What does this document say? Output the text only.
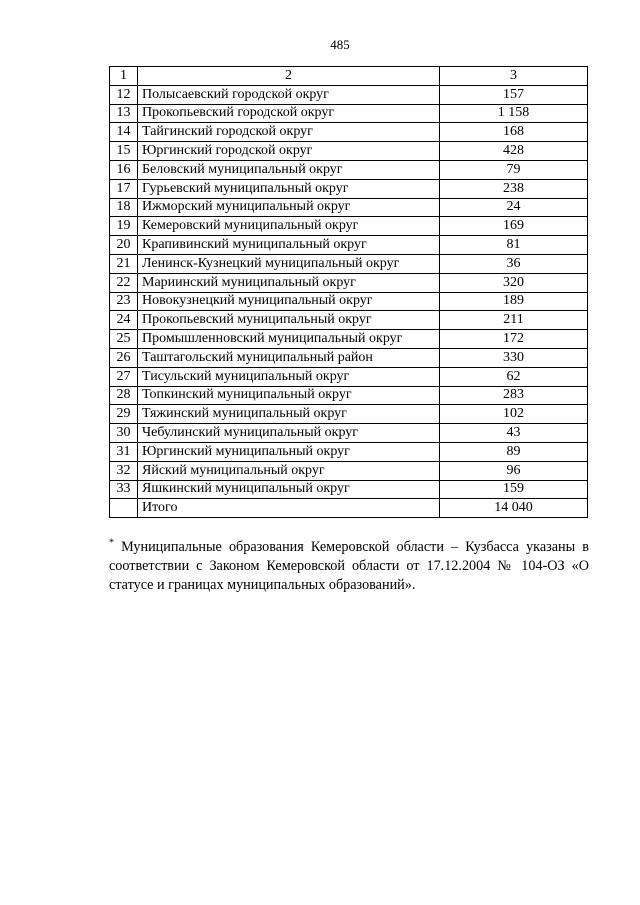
485
1	2	3
12	Полысаевский городской округ	157
13	Прокопьевский городской округ	1 158
14	Тайгинский городской округ	168
15	Юргинский городской округ	428
16	Беловский муниципальный округ	79
17	Гурьевский муниципальный округ	238
18	Ижморский муниципальный округ	24
19	Кемеровский муниципальный округ	169
20	Крапивинский муниципальный округ	81
21	Ленинск-Кузнецкий муниципальный округ	36
22	Мариинский муниципальный округ	320
23	Новокузнецкий муниципальный округ	189
24	Прокопьевский муниципальный округ	211
25	Промышленновский муниципальный округ	172
26	Таштагольский муниципальный район	330
27	Тисульский муниципальный округ	62
28	Топкинский муниципальный округ	283
29	Тяжинский муниципальный округ	102
30	Чебулинский муниципальный округ	43
31	Юргинский муниципальный округ	89
32	Яйский муниципальный округ	96
33	Яшкинский муниципальный округ	159
	Итого	14 040
* Муниципальные образования Кемеровской области – Кузбасса указаны в соответствии с Законом Кемеровской области от 17.12.2004 № 104-ОЗ «О статусе и границах муниципальных образований».
